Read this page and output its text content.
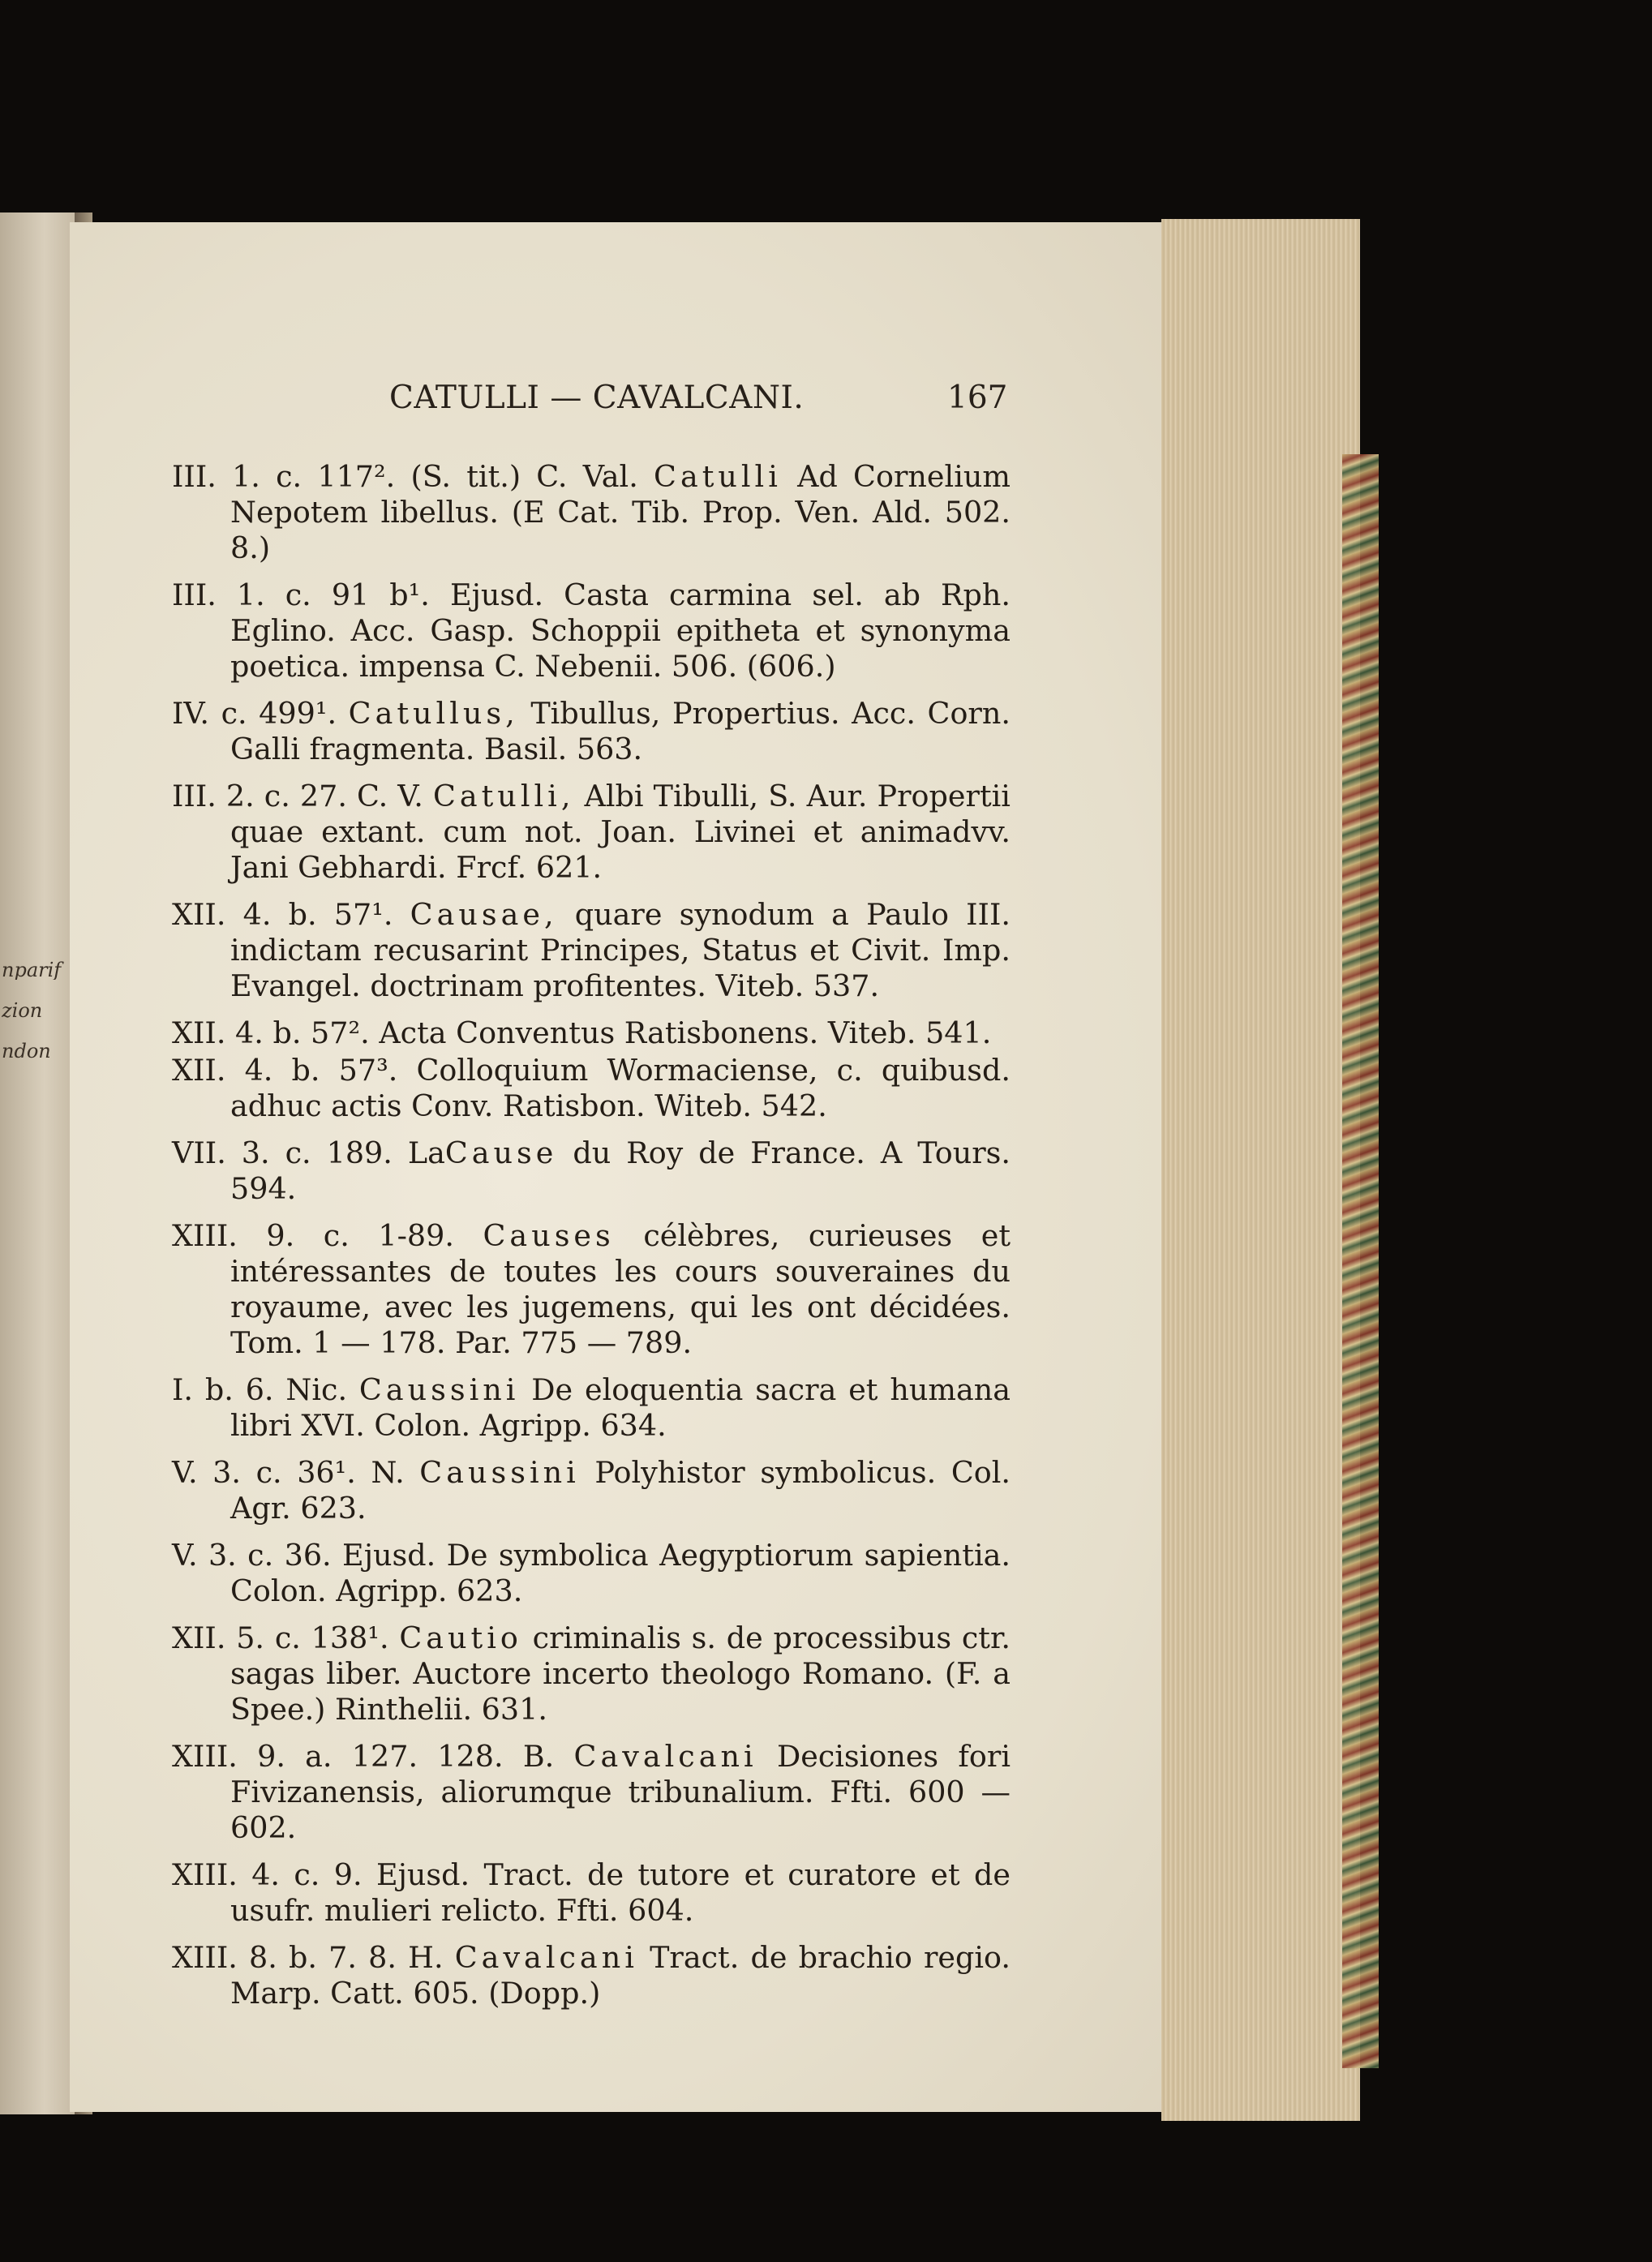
nparif
zion
ndon
CATULLI — CAVALCANI.	167
III. 1. c. 117². (S. tit.) C. Val. Catulli Ad Cornelium Nepotem libellus. (E Cat. Tib. Prop. Ven. Ald. 502. 8.)
III. 1. c. 91 b¹. Ejusd. Casta carmina sel. ab Rph. Eglino. Acc. Gasp. Schoppii epitheta et synonyma poetica. impensa C. Nebenii. 506. (606.)
IV. c. 499¹. Catullus, Tibullus, Propertius. Acc. Corn. Galli fragmenta. Basil. 563.
III. 2. c. 27. C. V. Catulli, Albi Tibulli, S. Aur. Propertii quae extant. cum not. Joan. Livinei et animadvv. Jani Gebhardi. Frcf. 621.
XII. 4. b. 57¹. Causae, quare synodum a Paulo III. indictam recusarint Principes, Status et Civit. Imp. Evangel. doctrinam profitentes. Viteb. 537.
XII. 4. b. 57². Acta Conventus Ratisbonens. Viteb. 541.
XII. 4. b. 57³. Colloquium Wormaciense, c. quibusd. adhuc actis Conv. Ratisbon. Witeb. 542.
VII. 3. c. 189. LaCause du Roy de France. A Tours. 594.
XIII. 9. c. 1-89. Causes célèbres, curieuses et intéressantes de toutes les cours souveraines du royaume, avec les jugemens, qui les ont décidées. Tom. 1 — 178. Par. 775 — 789.
I. b. 6. Nic. Caussini De eloquentia sacra et humana libri XVI. Colon. Agripp. 634.
V. 3. c. 36¹. N. Caussini Polyhistor symbolicus. Col. Agr. 623.
V. 3. c. 36. Ejusd. De symbolica Aegyptiorum sapientia. Colon. Agripp. 623.
XII. 5. c. 138¹. Cautio criminalis s. de processibus ctr. sagas liber. Auctore incerto theologo Romano. (F. a Spee.) Rinthelii. 631.
XIII. 9. a. 127. 128. B. Cavalcani Decisiones fori Fivizanensis, aliorumque tribunalium. Ffti. 600 — 602.
XIII. 4. c. 9. Ejusd. Tract. de tutore et curatore et de usufr. mulieri relicto. Ffti. 604.
XIII. 8. b. 7. 8. H. Cavalcani Tract. de brachio regio. Marp. Catt. 605. (Dopp.)
